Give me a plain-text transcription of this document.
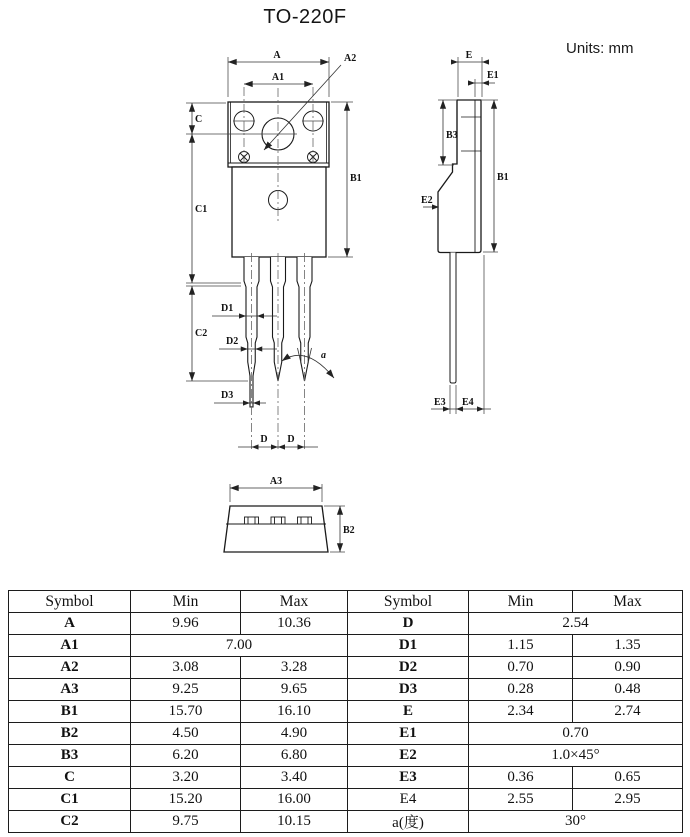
TO-220F
Units: mm
A
A1
A2
C
C1
C2
B1
D1
D2
D3
D D
a
E
E1
B3
B1
E2
E3 E4
A3
B2
Symbol	Min	Max	Symbol	Min	Max
A	9.96	10.36	D	2.54	
A1	7.00		D1	1.15	1.35
A2	3.08	3.28	D2	0.70	0.90
A3	9.25	9.65	D3	0.28	0.48
B1	15.70	16.10	E	2.34	2.74
B2	4.50	4.90	E1	0.70	
B3	6.20	6.80	E2	1.0×45°	
C	3.20	3.40	E3	0.36	0.65
C1	15.20	16.00	E4	2.55	2.95
C2	9.75	10.15	a(度)	30°	
